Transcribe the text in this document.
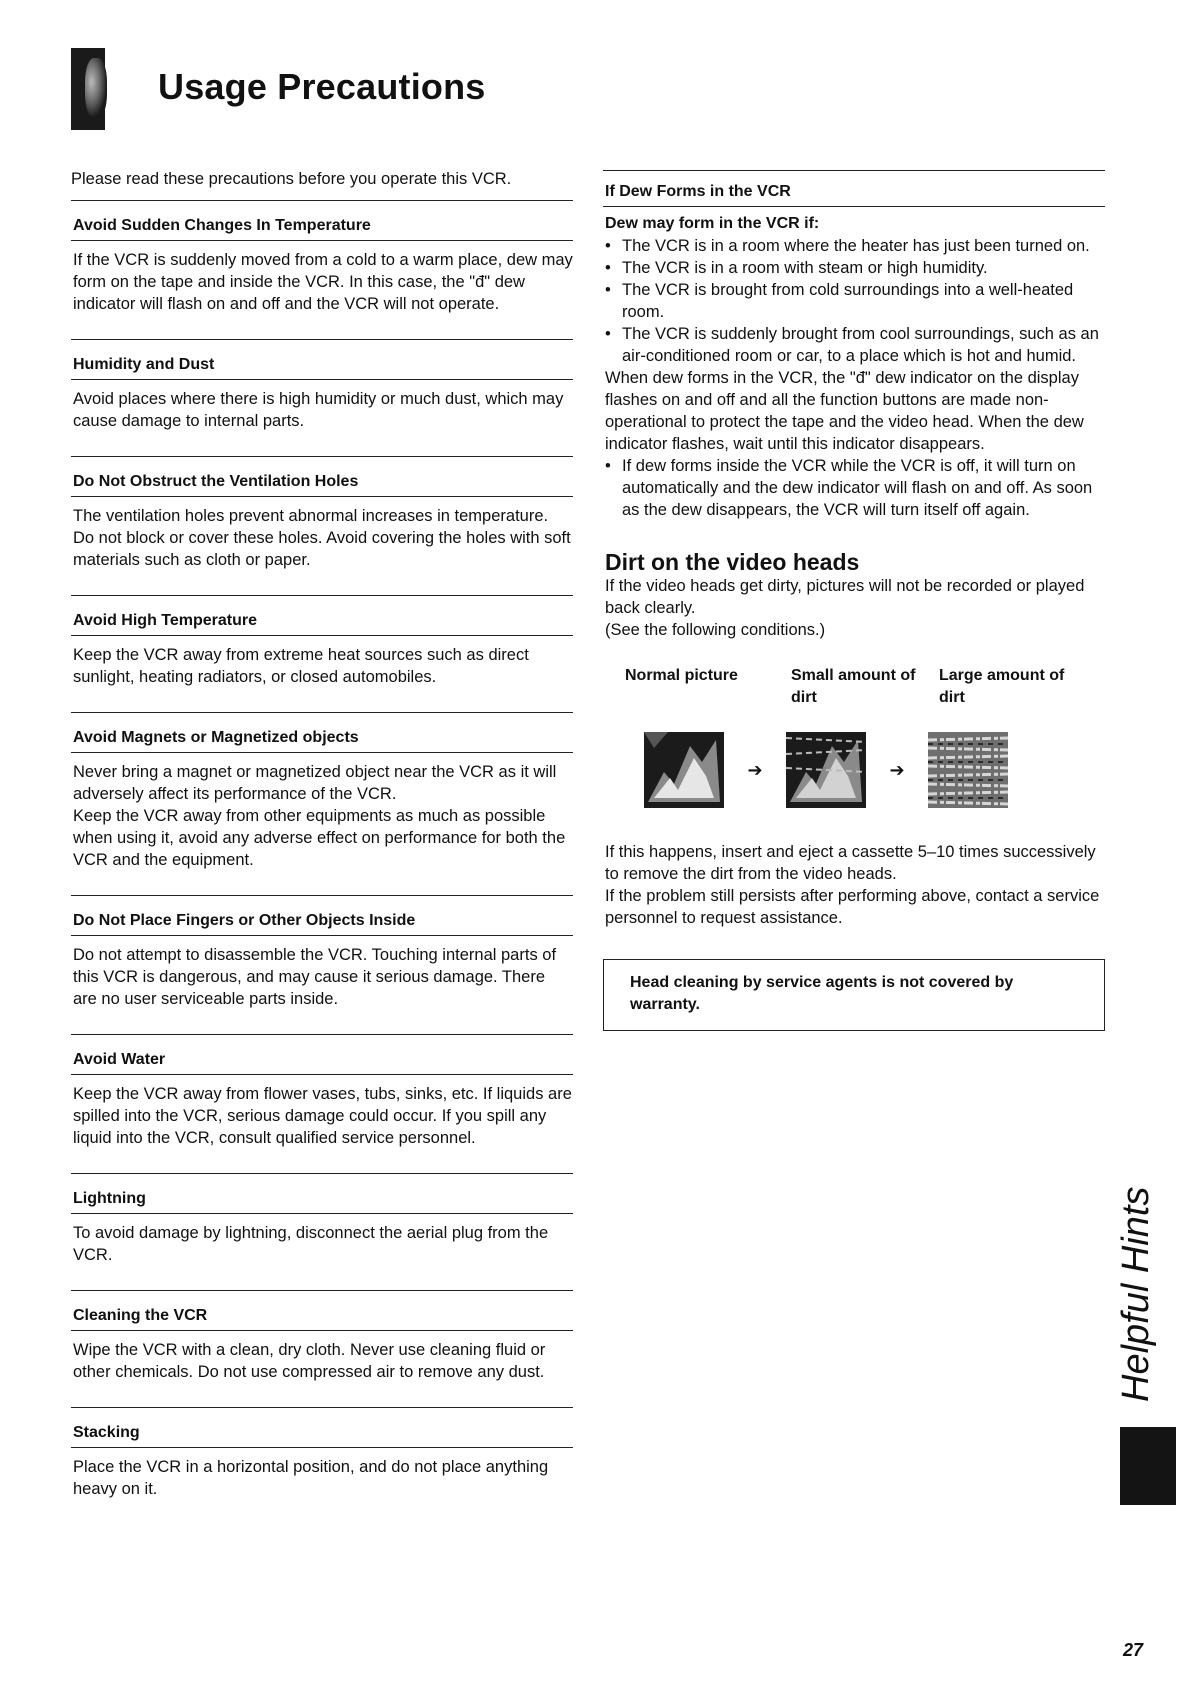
Usage Precautions

Please read these precautions before you operate this VCR.

Avoid Sudden Changes In Temperature

If the VCR is suddenly moved from a cold to a warm place, dew may form on the tape and inside the VCR. In this case, the "đ" dew indicator will flash on and off and the VCR will not operate.

Humidity and Dust

Avoid places where there is high humidity or much dust, which may cause damage to internal parts.

Do Not Obstruct the Ventilation Holes

The ventilation holes prevent abnormal increases in temperature. Do not block or cover these holes. Avoid covering the holes with soft materials such as cloth or paper.

Avoid High Temperature

Keep the VCR away from extreme heat sources such as direct sunlight, heating radiators, or closed automobiles.

Avoid Magnets or Magnetized objects

Never bring a magnet or magnetized object near the VCR as it will adversely affect its performance of the VCR.
Keep the VCR away from other equipments as much as possible when using it, avoid any adverse effect on performance for both the VCR and the equipment.

Do Not Place Fingers or Other Objects Inside

Do not attempt to disassemble the VCR. Touching internal parts of this VCR is dangerous, and may cause it serious damage. There are no user serviceable parts inside.

Avoid Water

Keep the VCR away from flower vases, tubs, sinks, etc. If liquids are spilled into the VCR, serious damage could occur. If you spill any liquid into the VCR, consult qualified service personnel.

Lightning

To avoid damage by lightning, disconnect the aerial plug from the VCR.

Cleaning the VCR

Wipe the VCR with a clean, dry cloth. Never use cleaning fluid or other chemicals. Do not use compressed air to remove any dust.

Stacking

Place the VCR in a horizontal position, and do not place anything heavy on it.

If Dew Forms in the VCR

Dew may form in the VCR if:

• The VCR is in a room where the heater has just been turned on.
• The VCR is in a room with steam or high humidity.
• The VCR is brought from cold surroundings into a well-heated room.
• The VCR is suddenly brought from cool surroundings, such as an air-conditioned room or car, to a place which is hot and humid.

When dew forms in the VCR, the "đ" dew indicator on the display flashes on and off and all the function buttons are made non-operational to protect the tape and the video head. When the dew indicator flashes, wait until this indicator disappears.

• If dew forms inside the VCR while the VCR is off, it will turn on automatically and the dew indicator will flash on and off. As soon as the dew disappears, the VCR will turn itself off again.
Dirt on the video heads

If the video heads get dirty, pictures will not be recorded or played back clearly.

(See the following conditions.)

Normal picture	Small amount of dirt
Large amount of dirt
➔	➔

If this happens, insert and eject a cassette 5–10 times successively to remove the dirt from the video heads.

If the problem still persists after performing above, contact a service personnel to request assistance.

Head cleaning by service agents is not covered by warranty.
Helpful Hints
27
